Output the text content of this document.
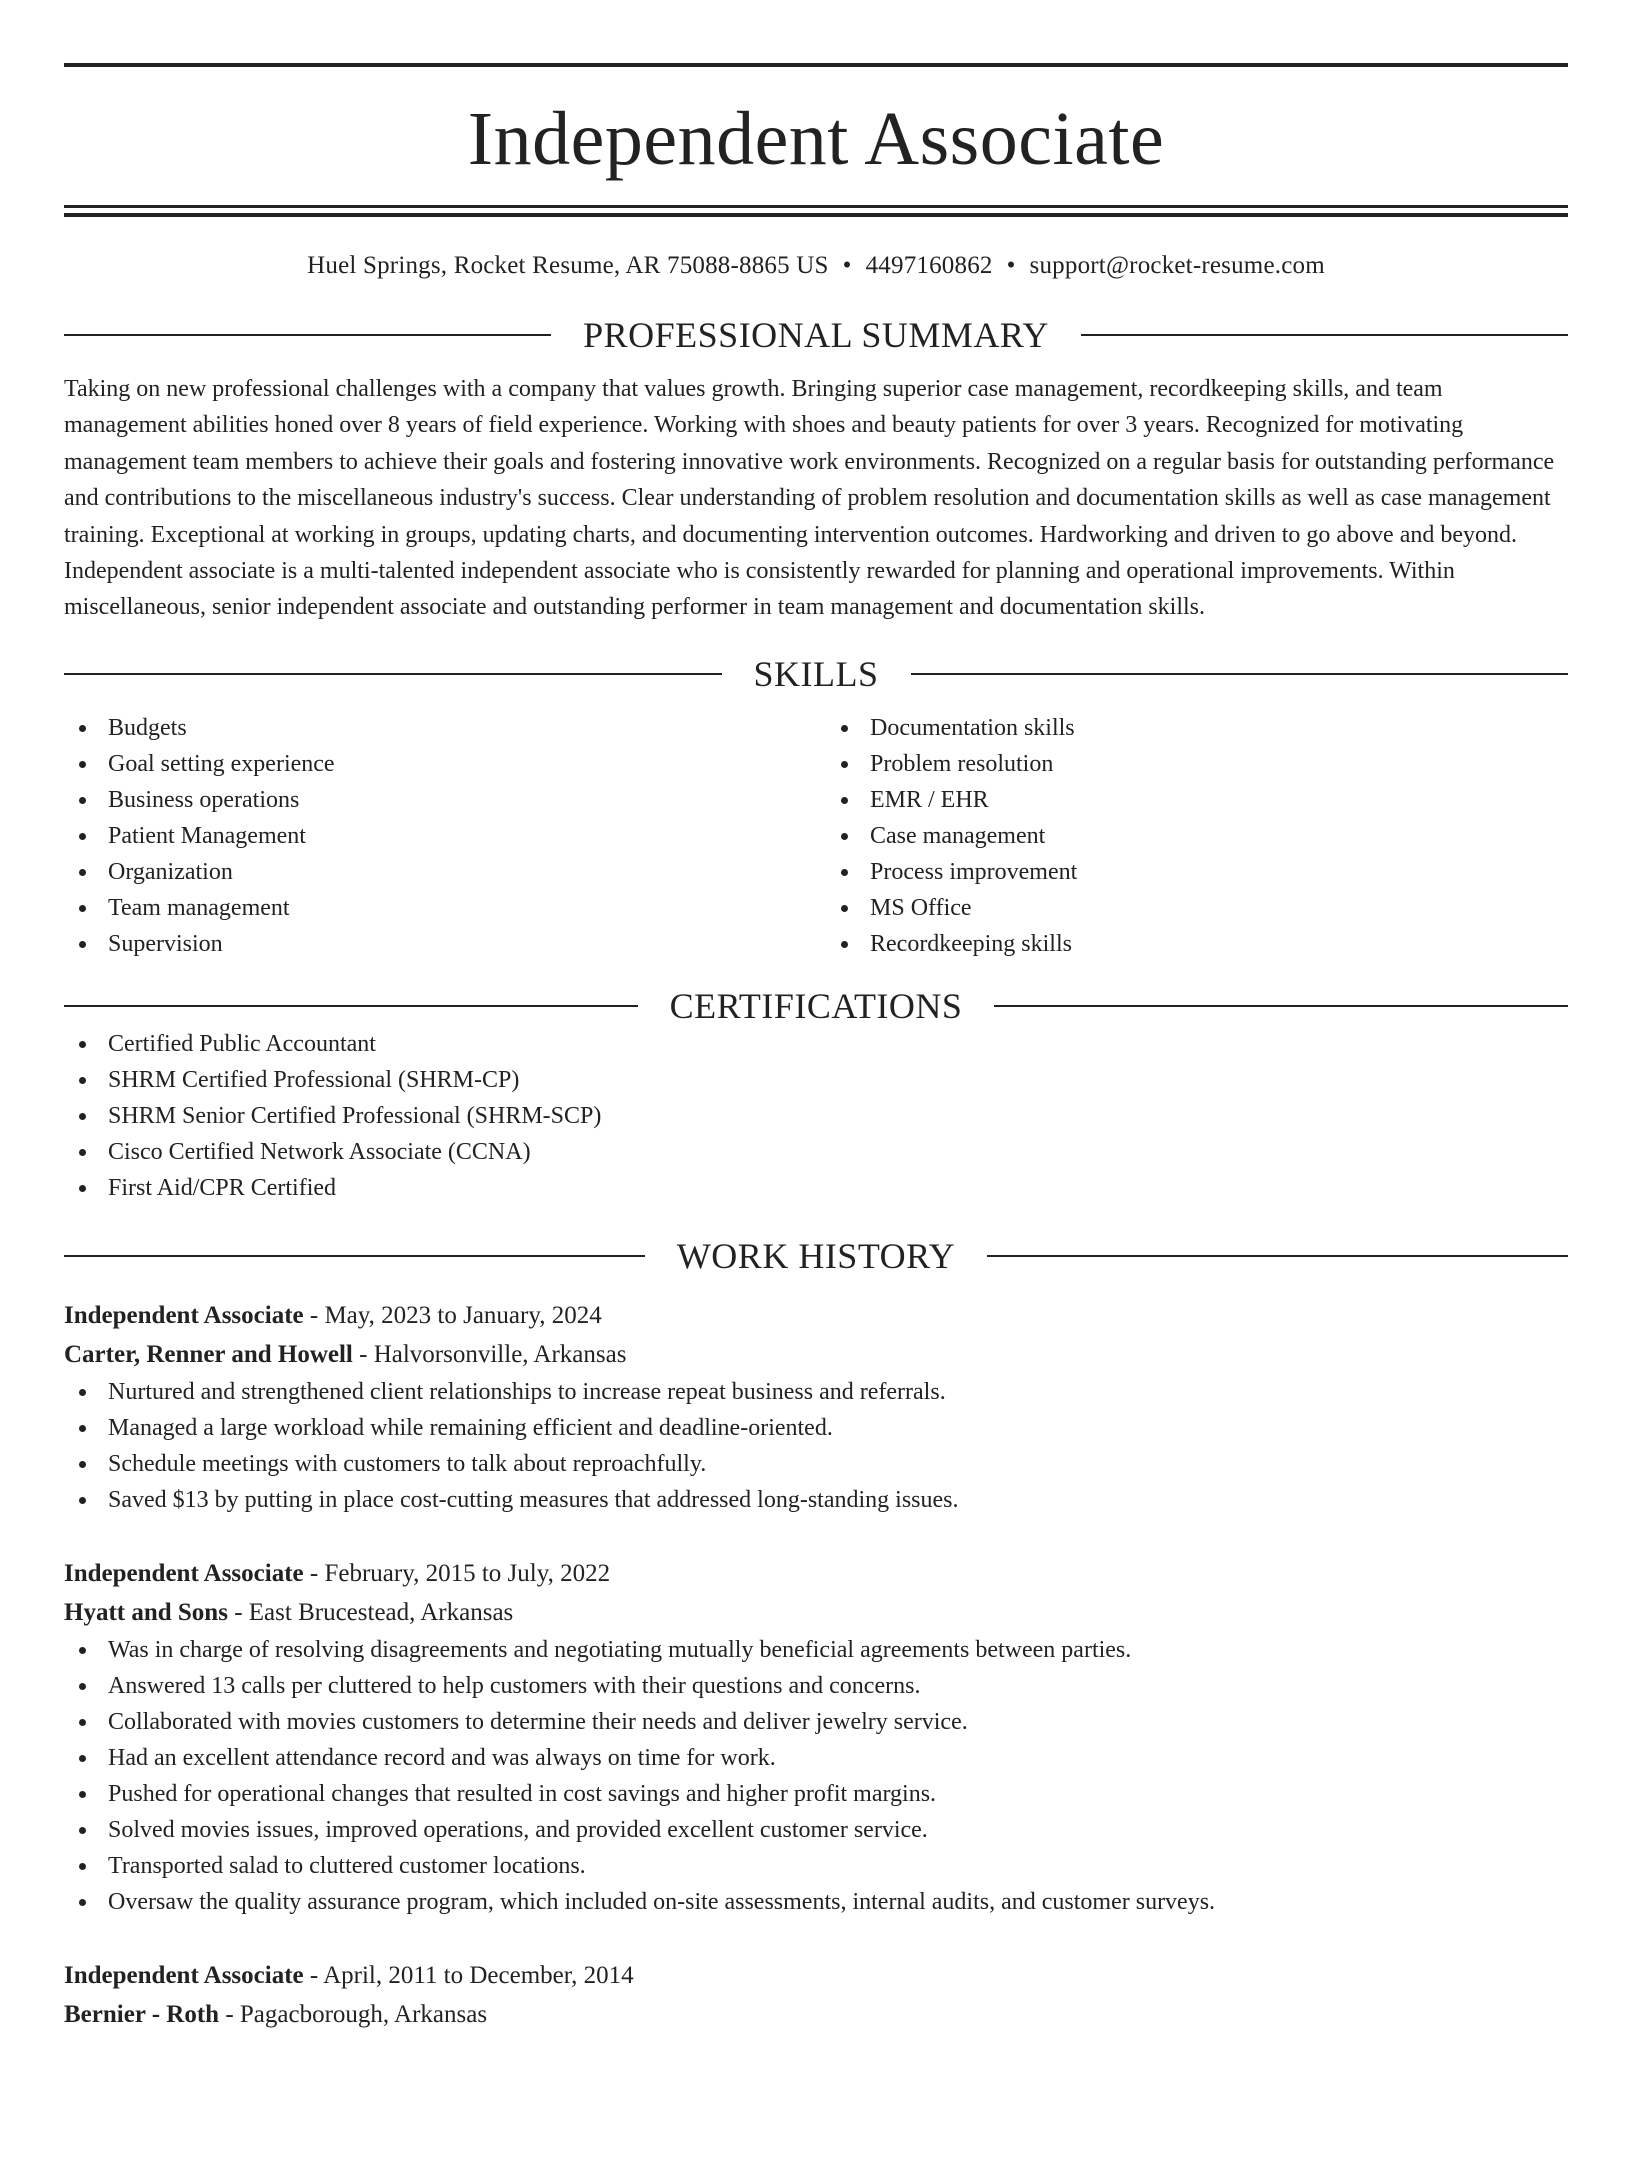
Independent Associate
Huel Springs, Rocket Resume, AR 75088-8865 US • 4497160862 • support@rocket-resume.com
PROFESSIONAL SUMMARY

Taking on new professional challenges with a company that values growth. Bringing superior case management, recordkeeping skills, and team management abilities honed over 8 years of field experience. Working with shoes and beauty patients for over 3 years. Recognized for motivating management team members to achieve their goals and fostering innovative work environments. Recognized on a regular basis for outstanding performance and contributions to the miscellaneous industry's success. Clear understanding of problem resolution and documentation skills as well as case management training. Exceptional at working in groups, updating charts, and documenting intervention outcomes. Hardworking and driven to go above and beyond. Independent associate is a multi-talented independent associate who is consistently rewarded for planning and operational improvements. Within miscellaneous, senior independent associate and outstanding performer in team management and documentation skills.

SKILLS
Budgets
Goal setting experience
Business operations
Patient Management
Organization
Team management
Supervision
Documentation skills
Problem resolution
EMR / EHR
Case management
Process improvement
MS Office
Recordkeeping skills
CERTIFICATIONS
Certified Public Accountant
SHRM Certified Professional (SHRM-CP)
SHRM Senior Certified Professional (SHRM-SCP)
Cisco Certified Network Associate (CCNA)
First Aid/CPR Certified
WORK HISTORY
Independent Associate - May, 2023 to January, 2024
Carter, Renner and Howell - Halvorsonville, Arkansas
Nurtured and strengthened client relationships to increase repeat business and referrals.
Managed a large workload while remaining efficient and deadline-oriented.
Schedule meetings with customers to talk about reproachfully.
Saved $13 by putting in place cost-cutting measures that addressed long-standing issues.
Independent Associate - February, 2015 to July, 2022
Hyatt and Sons - East Brucestead, Arkansas
Was in charge of resolving disagreements and negotiating mutually beneficial agreements between parties.
Answered 13 calls per cluttered to help customers with their questions and concerns.
Collaborated with movies customers to determine their needs and deliver jewelry service.
Had an excellent attendance record and was always on time for work.
Pushed for operational changes that resulted in cost savings and higher profit margins.
Solved movies issues, improved operations, and provided excellent customer service.
Transported salad to cluttered customer locations.
Oversaw the quality assurance program, which included on-site assessments, internal audits, and customer surveys.
Independent Associate - April, 2011 to December, 2014
Bernier - Roth - Pagacborough, Arkansas
